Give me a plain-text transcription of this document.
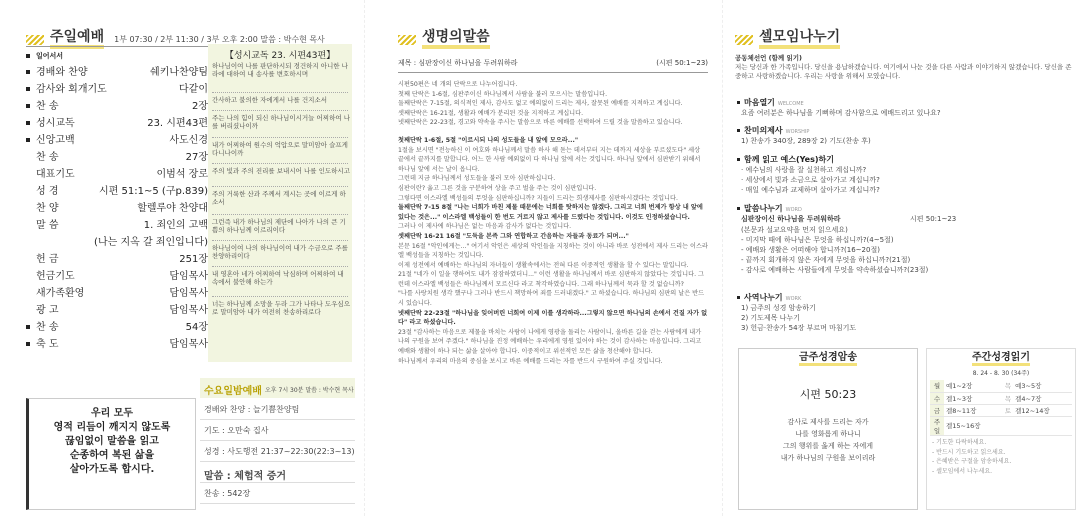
주일예배 1부 07:30 / 2부 11:30 / 3부 오후 2:00 말씀 : 박수현 목사
일어서서
경배와 찬양	쉐키나찬양팀
감사와 회개기도	다같이
찬 송	2장
성시교독	23. 시편43편
신앙고백	사도신경
찬 송	27장
대표기도	이범석 장로
성 경	시편 51:1~5 (구p.839)
찬 양	할렐루야 찬양대
말 씀	1. 죄인의 고백
(나는 지옥 갈 죄인입니다)
헌 금	251장
헌금기도	담임목사
새가족환영	담임목사
광 고	담임목사
찬 송	54장
축 도	담임목사
【성시교독 23. 시편43편】
하나님이여 나를 판단하시되 경건하지 아니한 나라에 대하여 내 송사를 변호하시며
간사하고 불의한 자에게서 나를 건지소서
주는 나의 힘이 되신 하나님이시거늘 어찌하여 나를 버리셨나이까
내가 어찌하여 원수의 억압으로 말미암아 슬프게 다니나이까
주의 빛과 주의 진리를 보내시어 나를 인도하시고
주의 거룩한 산과 주께서 계시는 곳에 이르게 하소서
그런즉 내가 하나님의 제단에 나아가 나의 큰 기쁨의 하나님께 이르리이다
하나님이여 나의 하나님이여 내가 수금으로 주를 찬양하리이다
내 영혼아 네가 어찌하여 낙심하며 어찌하여 내 속에서 불안해 하는가
너는 하나님께 소망을 두라 그가 나타나 도우심으로 말미암아 내가 여전히 찬송하리로다
우리 모두
영적 리듬이 깨지지 않도록
끊임없이 말씀을 읽고
순종하여 복된 삶을
살아가도록 합시다.
수요일밤예배 오후 7시 30분 말씀 : 박수현 목사
경배와 찬양 : 늘기쁨찬양팀
기도 : 오만숙 집사
성경 : 사도행전 21:37~22:30(22:3~13)
말씀 : 체험적 증거
찬송 : 542장
생명의말씀
제목 : 심판장이신 하나님을 두려워하라	(시편 50:1~23)

시편50편은 네 개의 단락으로 나누어집니다.

첫째 단락은 1-6절, 심판주이신 하나님께서 사람을 불러 모으시는 말씀입니다.

둘째단락은 7-15절, 의식적인 제사, 감사도 없고 예의없이 드리는 제사, 잘못된 예배를 지적하고 계십니다.

셋째단락은 16-21절, 생활과 예배가 분리된 것을 지적하고 계십니다.

넷째단락은 22-23절, 경고와 약속을 주시는 말씀으로 바른 예배를 선택하여 드릴 것을 말씀하고 있습니다.

첫째단락 1-6절, 5절 "이르시되 나의 성도들을 내 앞에 모으라..."

1절을 보시면 "전능하신 이 여호와 하나님께서 말씀 하사 해 돋는 데서부터 지는 데까지 세상을 부르셨도다" 세상 끝에서 끝까지를 말합니다. 어느 한 사람 예외없이 다 하나님 앞에 서는 것입니다. 하나님 앞에서 심판받기 위해서 하나님 앞에 서는 날이 옵니다.

그런데 지금 하나님께서 성도들을 불러 모아 심판하십니다.

심판이란? 옳고 그른 것을 구분하여 상을 주고 벌을 주는 것이 심판입니다.

그렇다면 이스라엘 백성들의 무엇을 심판하십니까? 지들이 드리는 희생제사를 심판하시겠다는 것입니다.

둘째단락 7-15 8절 "나는 너희가 바친 제물 때문에는 너희를 탓하지는 않겠다. 그리고 너희 번제가 항상 내 앞에 있다는 것은..." 이스라엘 백성들이 한 번도 거르지 않고 제사를 드렸다는 것입니다. 이것도 인정하셨습니다.

그러나 이 제사에 하나님은 없는 마음과 감사가 없다는 것입니다.

셋째단락 16-21 16절 "도둑을 본즉 그와 연합하고 간음하는 자들과 동료가 되며..."

본문 16절 "악인에게는..." 여기서 악인은 세상의 악인들을 지칭하는 것이 아니라 바로 성전에서 제사 드리는 이스라엘 백성들을 지칭하는 것입니다.

이제 성전에서 예배하는 하나님의 자녀들이 생활속에서는 전혀 다른 이중적인 생활을 할 수 있다는 말입니다.

21절 "네가 이 일을 행하여도 내가 잠잠하였더니..." 이런 생활을 하나님께서 바로 심판하지 않았다는 것입니다. 그런데 이스라엘 백성들은 하나님께서 모르신다 라고 착각하였습니다. 그래 하나님께서 묵과 할 것 없습니까?

"나를 사랑치원 생각 했구나 그러나 반드시 책망하여 죄를 드러내겠다." 고 하셨습니다. 하나님의 심판의 날은 반드시 있습니다.

넷째단락 22-23절 "하나님을 잊어버린 너희여 이제 이를 생각하라...그렇지 않으면 하나님의 손에서 건질 자가 없다" 라고 하셨습니다.

23절 "감사하는 마음으로 제물을 바치는 사람이 나에게 영광을 돌리는 사람이니, 올바른 길을 걷는 사람에게 내가 나의 구원을 보여 주겠다." 하나님을 진정 예배하는 우리에게 영원 있어야 하는 것이 감사하는 마음입니다. 그리고 예배와 생활이 하나 되는 삶을 살아야 합니다. 이중적이고 위선적인 모든 삶을 청산해야 합니다.

하나님께서 우리의 마음의 중심을 보시고 바른 예배를 드리는 자를 반드시 구원하여 주실 것입니다.

셀모임나누기
공동체선언 (함께 읽기)
저는 당신과 한 가족입니다. 당신을 용납하겠습니다. 여기에서 나눈 것을 다른 사람과 이야기하지 않겠습니다. 당신을 존중하고 사랑하겠습니다. 우리는 사랑을 위해서 모였습니다.
마음열기 WELCOME
요즘 여러분은 하나님을 기뻐하며 감사함으로 예배드리고 있나요?
찬미의제사 WORSHIP
1) 찬송가 340장, 289장 2) 기도(찬송 후)
함께 읽고 예스(Yes)하기
· 예수님의 사랑을 잘 실천하고 계십니까?
· 세상에서 빛과 소금으로 살아가고 계십니까?
· 매일 예수님과 교제하며 살아가고 계십니까?
말씀나누기 WORD
사역나누기 WORK
1) 금주의 성경 암송하기
2) 기도제목 나누기
3) 헌금·찬송가 54장 부르며 마침기도
심판장이신 하나님을 두려워하라	시편 50:1~23
(본문과 설교요약을 먼저 읽으세요)
- 미지막 때에 하나님은 무엇을 하십니까?(4~5절)
- 예배와 생활은 어떠해야 합니까?(16~20절)
- 끝까지 회개하지 않은 자에게 무엇을 하십니까?(21절)
- 감사로 예배하는 사람들에게 무엇을 약속하셨습니까?(23절)
금주성경암송
시편 50:23
감사로 제사를 드리는 자가
나를 영화롭게 하나니
그의 행위를 옳게 하는 자에게
내가 하나님의 구원을 보이리라
주간성경읽기
8. 24 - 8. 30 (34주)
월	예1~2장	목	예3~5장
수	겔1~3장	목	겔4~7장
금	겔8~11장	토	겔12~14장
주일	겔15~16장		
- 기도한 다락하세요.
- 반드시 기도하고 읽으세요.
- 은혜받은 구절을 암송하세요.
- 셀모임에서 나누세요.
